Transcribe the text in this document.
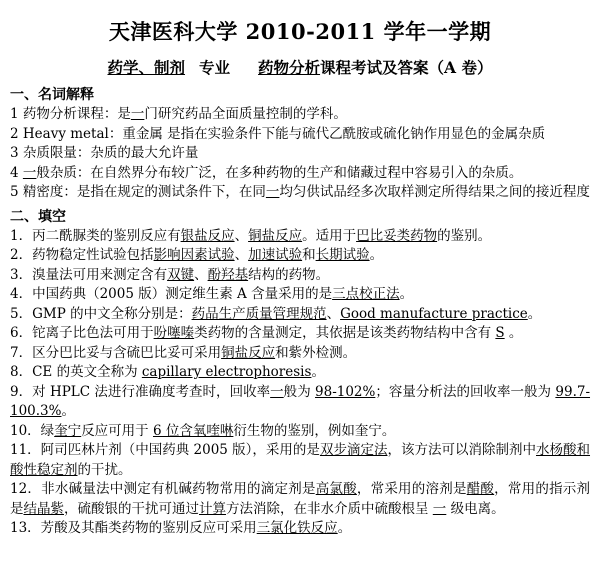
天津医科大学 2010-2011 学年一学期
药学、制剂 专业 药物分析 课程考试及答案（A 卷）
一、名词解释
1 药物分析课程：是一门研究药品全面质量控制的学科。
2 Heavy metal：重金属 是指在实验条件下能与硫代乙酰胺或硫化钠作用显色的金属杂质
3 杂质限量：杂质的最大允许量
4 一般杂质：在自然界分布较广泛，在多种药物的生产和储藏过程中容易引入的杂质。
5 精密度：是指在规定的测试条件下，在同一均匀供试品经多次取样测定所得结果之间的接近程度
二、填空
1．丙二酰脲类的鉴别反应有银盐反应、铜盐反应。适用于巴比妥类药物的鉴别。
2．药物稳定性试验包括影响因素试验、加速试验和长期试验。
3．溴量法可用来测定含有双键、酚羟基结构的药物。
4．中国药典（2005 版）测定维生素 A 含量采用的是三点校正法。
5．GMP 的中文全称分别是：药品生产质量管理规范、Good manufacture practice。
6．铊离子比色法可用于吩噻嗪类药物的含量测定，其依据是该类药物结构中含有 S 。
7．区分巴比妥与含硫巴比妥可采用铜盐反应和紫外检测。
8．CE 的英文全称为 capillary electrophoresis。
9．对 HPLC 法进行准确度考查时，回收率一般为 98-102%；容量分析法的回收率一般为 99.7-100.3%。
10．绿奎宁反应可用于 6 位含氧喹啉衍生物的鉴别，例如奎宁。
11．阿司匹林片剂（中国药典 2005 版），采用的是双步滴定法，该方法可以消除制剂中水杨酸和酸性稳定剂的干扰。
12．非水碱量法中测定有机碱药物常用的滴定剂是高氯酸，常采用的溶剂是醋酸，常用的指示剂是结晶紫，硫酸银的干扰可通过计算方法消除，在非水介质中硫酸根呈 一 级电离。
13．芳酸及其酯类药物的鉴别反应可采用三氯化铁反应。
